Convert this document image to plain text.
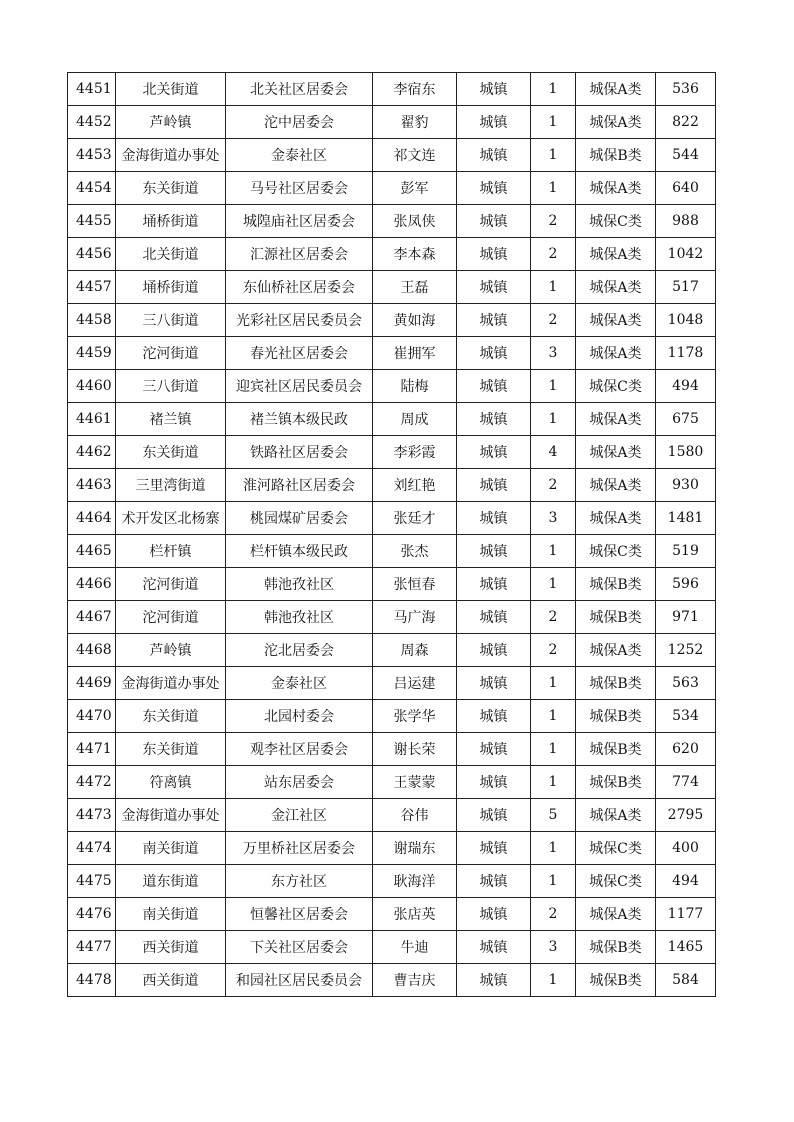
4451	北关街道	北关社区居委会	李宿东	城镇	1	城保A类	536
4452	芦岭镇	沱中居委会	翟豹	城镇	1	城保A类	822
4453	金海街道办事处	金泰社区	祁文连	城镇	1	城保B类	544
4454	东关街道	马号社区居委会	彭军	城镇	1	城保A类	640
4455	埇桥街道	城隍庙社区居委会	张凤侠	城镇	2	城保C类	988
4456	北关街道	汇源社区居委会	李本森	城镇	2	城保A类	1042
4457	埇桥街道	东仙桥社区居委会	王磊	城镇	1	城保A类	517
4458	三八街道	光彩社区居民委员会	黄如海	城镇	2	城保A类	1048
4459	沱河街道	春光社区居委会	崔拥军	城镇	3	城保A类	1178
4460	三八街道	迎宾社区居民委员会	陆梅	城镇	1	城保C类	494
4461	褚兰镇	褚兰镇本级民政	周成	城镇	1	城保A类	675
4462	东关街道	铁路社区居委会	李彩霞	城镇	4	城保A类	1580
4463	三里湾街道	淮河路社区居委会	刘红艳	城镇	2	城保A类	930
4464	术开发区北杨寨	桃园煤矿居委会	张廷才	城镇	3	城保A类	1481
4465	栏杆镇	栏杆镇本级民政	张杰	城镇	1	城保C类	519
4466	沱河街道	韩池孜社区	张恒春	城镇	1	城保B类	596
4467	沱河街道	韩池孜社区	马广海	城镇	2	城保B类	971
4468	芦岭镇	沱北居委会	周森	城镇	2	城保A类	1252
4469	金海街道办事处	金泰社区	吕运建	城镇	1	城保B类	563
4470	东关街道	北园村委会	张学华	城镇	1	城保B类	534
4471	东关街道	观李社区居委会	谢长荣	城镇	1	城保B类	620
4472	符离镇	站东居委会	王蒙蒙	城镇	1	城保B类	774
4473	金海街道办事处	金江社区	谷伟	城镇	5	城保A类	2795
4474	南关街道	万里桥社区居委会	谢瑞东	城镇	1	城保C类	400
4475	道东街道	东方社区	耿海洋	城镇	1	城保C类	494
4476	南关街道	恒馨社区居委会	张店英	城镇	2	城保A类	1177
4477	西关街道	下关社区居委会	牛迪	城镇	3	城保B类	1465
4478	西关街道	和园社区居民委员会	曹吉庆	城镇	1	城保B类	584
